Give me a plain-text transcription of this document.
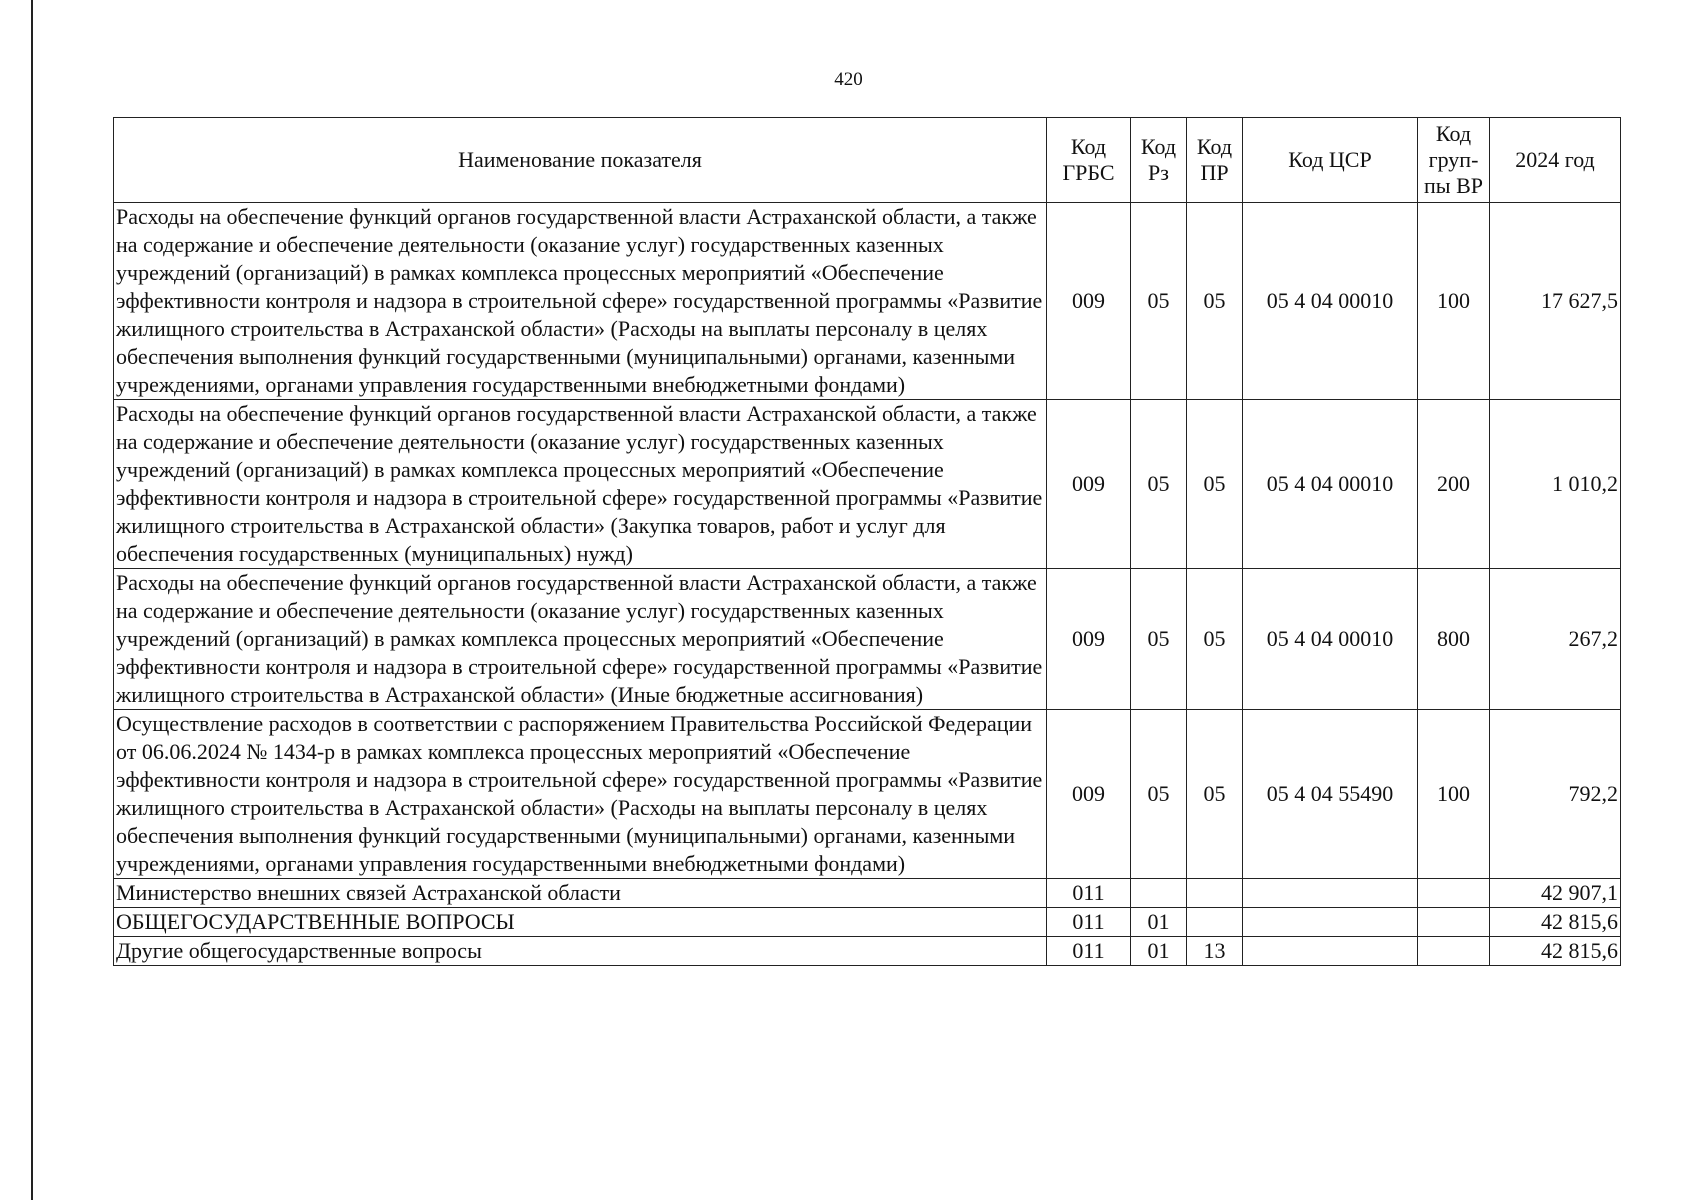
420
Наименование показателя	Код ГРБС	Код Рз	Код ПР	Код ЦСР	Код груп-пы ВР	2024 год
Расходы на обеспечение функций органов государственной власти Астраханской области, а также на содержание и обеспечение деятельности (оказание услуг) государственных казенных учреждений (организаций) в рамках комплекса процессных мероприятий «Обеспечение эффективности контроля и надзора в строительной сфере» государственной программы «Развитие жилищного строительства в Астраханской области» (Расходы на выплаты персоналу в целях обеспечения выполнения функций государственными (муниципальными) органами, казенными учреждениями, органами управления государственными внебюджетными фондами)	009	05	05	05 4 04 00010	100	17 627,5
Расходы на обеспечение функций органов государственной власти Астраханской области, а также на содержание и обеспечение деятельности (оказание услуг) государственных казенных учреждений (организаций) в рамках комплекса процессных мероприятий «Обеспечение эффективности контроля и надзора в строительной сфере» государственной программы «Развитие жилищного строительства в Астраханской области» (Закупка товаров, работ и услуг для обеспечения государственных (муниципальных) нужд)	009	05	05	05 4 04 00010	200	1 010,2
Расходы на обеспечение функций органов государственной власти Астраханской области, а также на содержание и обеспечение деятельности (оказание услуг) государственных казенных учреждений (организаций) в рамках комплекса процессных мероприятий «Обеспечение эффективности контроля и надзора в строительной сфере» государственной программы «Развитие жилищного строительства в Астраханской области» (Иные бюджетные ассигнования)	009	05	05	05 4 04 00010	800	267,2
Осуществление расходов в соответствии с распоряжением Правительства Российской Федерации от 06.06.2024 № 1434-р в рамках комплекса процессных мероприятий «Обеспечение эффективности контроля и надзора в строительной сфере» государственной программы «Развитие жилищного строительства в Астраханской области» (Расходы на выплаты персоналу в целях обеспечения выполнения функций государственными (муниципальными) органами, казенными учреждениями, органами управления государственными внебюджетными фондами)	009	05	05	05 4 04 55490	100	792,2
Министерство внешних связей Астраханской области	011					42 907,1
ОБЩЕГОСУДАРСТВЕННЫЕ ВОПРОСЫ	011	01				42 815,6
Другие общегосударственные вопросы	011	01	13			42 815,6
